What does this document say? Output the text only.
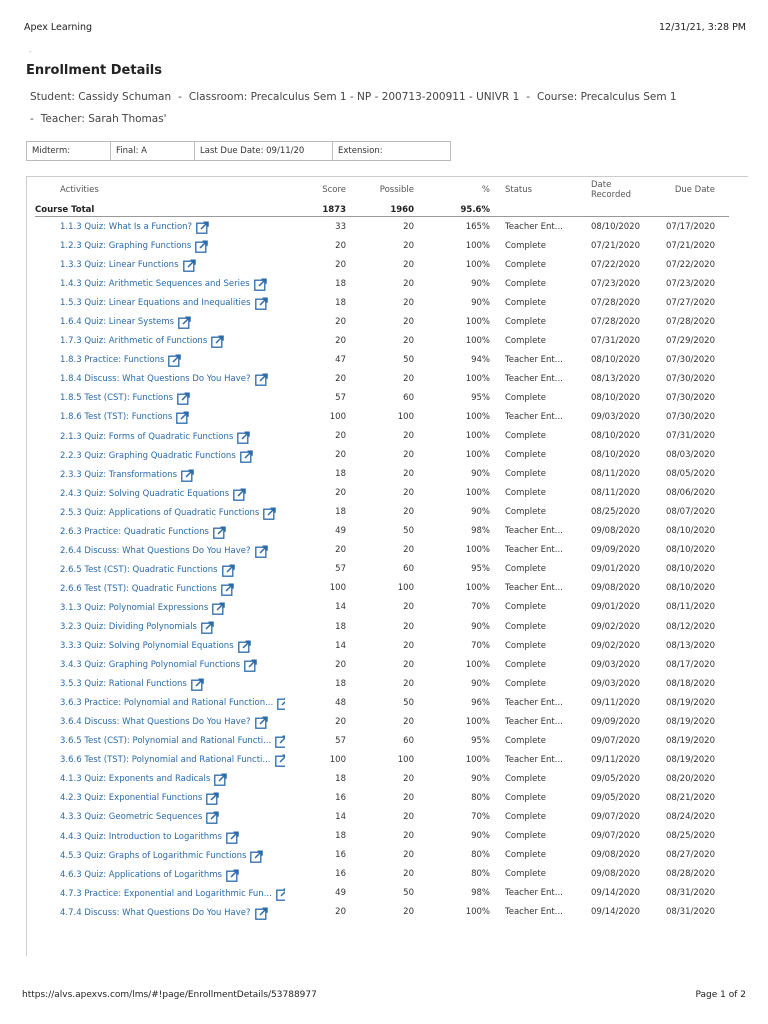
Apex Learning	12/31/21, 3:28 PM
-
Enrollment Details
Student: Cassidy Schuman - Classroom: Precalculus Sem 1 - NP - 200713-200911 - UNIVR 1 - Course: Precalculus Sem 1
- Teacher: Sarah Thomas'
Midterm:	Final: A	Last Due Date: 09/11/20	Extension:
Activities	Score	Possible	%	Status	Date
Recorded	Due Date
Course Total	1873	1960	95.6%			
1.1.3 Quiz: What Is a Function?	33	20	165%	Teacher Ent...	08/10/2020	07/17/2020
1.2.3 Quiz: Graphing Functions	20	20	100%	Complete	07/21/2020	07/21/2020
1.3.3 Quiz: Linear Functions	20	20	100%	Complete	07/22/2020	07/22/2020
1.4.3 Quiz: Arithmetic Sequences and Series	18	20	90%	Complete	07/23/2020	07/23/2020
1.5.3 Quiz: Linear Equations and Inequalities	18	20	90%	Complete	07/28/2020	07/27/2020
1.6.4 Quiz: Linear Systems	20	20	100%	Complete	07/28/2020	07/28/2020
1.7.3 Quiz: Arithmetic of Functions	20	20	100%	Complete	07/31/2020	07/29/2020
1.8.3 Practice: Functions	47	50	94%	Teacher Ent...	08/10/2020	07/30/2020
1.8.4 Discuss: What Questions Do You Have?	20	20	100%	Teacher Ent...	08/13/2020	07/30/2020
1.8.5 Test (CST): Functions	57	60	95%	Complete	08/10/2020	07/30/2020
1.8.6 Test (TST): Functions	100	100	100%	Teacher Ent...	09/03/2020	07/30/2020
2.1.3 Quiz: Forms of Quadratic Functions	20	20	100%	Complete	08/10/2020	07/31/2020
2.2.3 Quiz: Graphing Quadratic Functions	20	20	100%	Complete	08/10/2020	08/03/2020
2.3.3 Quiz: Transformations	18	20	90%	Complete	08/11/2020	08/05/2020
2.4.3 Quiz: Solving Quadratic Equations	20	20	100%	Complete	08/11/2020	08/06/2020
2.5.3 Quiz: Applications of Quadratic Functions	18	20	90%	Complete	08/25/2020	08/07/2020
2.6.3 Practice: Quadratic Functions	49	50	98%	Teacher Ent...	09/08/2020	08/10/2020
2.6.4 Discuss: What Questions Do You Have?	20	20	100%	Teacher Ent...	09/09/2020	08/10/2020
2.6.5 Test (CST): Quadratic Functions	57	60	95%	Complete	09/01/2020	08/10/2020
2.6.6 Test (TST): Quadratic Functions	100	100	100%	Teacher Ent...	09/08/2020	08/10/2020
3.1.3 Quiz: Polynomial Expressions	14	20	70%	Complete	09/01/2020	08/11/2020
3.2.3 Quiz: Dividing Polynomials	18	20	90%	Complete	09/02/2020	08/12/2020
3.3.3 Quiz: Solving Polynomial Equations	14	20	70%	Complete	09/02/2020	08/13/2020
3.4.3 Quiz: Graphing Polynomial Functions	20	20	100%	Complete	09/03/2020	08/17/2020
3.5.3 Quiz: Rational Functions	18	20	90%	Complete	09/03/2020	08/18/2020
3.6.3 Practice: Polynomial and Rational Function...	48	50	96%	Teacher Ent...	09/11/2020	08/19/2020
3.6.4 Discuss: What Questions Do You Have?	20	20	100%	Teacher Ent...	09/09/2020	08/19/2020
3.6.5 Test (CST): Polynomial and Rational Functi...	57	60	95%	Complete	09/07/2020	08/19/2020
3.6.6 Test (TST): Polynomial and Rational Functi...	100	100	100%	Teacher Ent...	09/11/2020	08/19/2020
4.1.3 Quiz: Exponents and Radicals	18	20	90%	Complete	09/05/2020	08/20/2020
4.2.3 Quiz: Exponential Functions	16	20	80%	Complete	09/05/2020	08/21/2020
4.3.3 Quiz: Geometric Sequences	14	20	70%	Complete	09/07/2020	08/24/2020
4.4.3 Quiz: Introduction to Logarithms	18	20	90%	Complete	09/07/2020	08/25/2020
4.5.3 Quiz: Graphs of Logarithmic Functions	16	20	80%	Complete	09/08/2020	08/27/2020
4.6.3 Quiz: Applications of Logarithms	16	20	80%	Complete	09/08/2020	08/28/2020
4.7.3 Practice: Exponential and Logarithmic Fun...	49	50	98%	Teacher Ent...	09/14/2020	08/31/2020
4.7.4 Discuss: What Questions Do You Have?	20	20	100%	Teacher Ent...	09/14/2020	08/31/2020
https://alvs.apexvs.com/lms/#!page/EnrollmentDetails/53788977	Page 1 of 2
